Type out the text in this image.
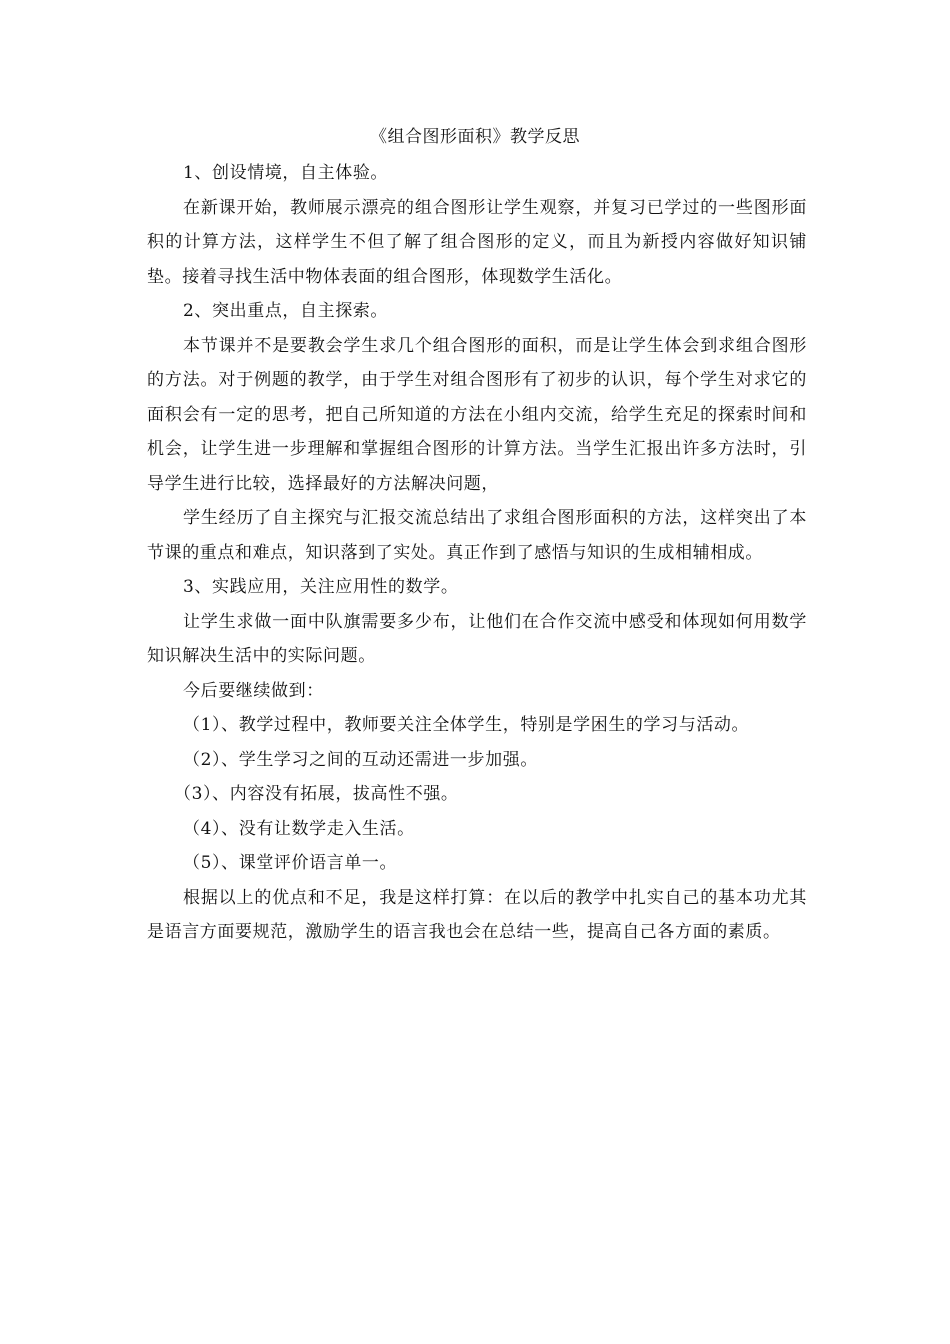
《组合图形面积》教学反思

1、创设情境，自主体验。

在新课开始，教师展示漂亮的组合图形让学生观察，并复习已学过的一些图形面积的计算方法，这样学生不但了解了组合图形的定义，而且为新授内容做好知识铺垫。接着寻找生活中物体表面的组合图形，体现数学生活化。

2、突出重点，自主探索。

本节课并不是要教会学生求几个组合图形的面积，而是让学生体会到求组合图形的方法。对于例题的教学，由于学生对组合图形有了初步的认识，每个学生对求它的面积会有一定的思考，把自己所知道的方法在小组内交流，给学生充足的探索时间和机会，让学生进一步理解和掌握组合图形的计算方法。当学生汇报出许多方法时，引导学生进行比较，选择最好的方法解决问题，

学生经历了自主探究与汇报交流总结出了求组合图形面积的方法，这样突出了本节课的重点和难点，知识落到了实处。真正作到了感悟与知识的生成相辅相成。

3、实践应用，关注应用性的数学。

让学生求做一面中队旗需要多少布，让他们在合作交流中感受和体现如何用数学知识解决生活中的实际问题。

今后要继续做到：

（1）、教学过程中，教师要关注全体学生，特别是学困生的学习与活动。

（2）、学生学习之间的互动还需进一步加强。

（3）、内容没有拓展，拔高性不强。

（4）、没有让数学走入生活。

（5）、课堂评价语言单一。

根据以上的优点和不足，我是这样打算：在以后的教学中扎实自己的基本功尤其是语言方面要规范，激励学生的语言我也会在总结一些，提高自己各方面的素质。
